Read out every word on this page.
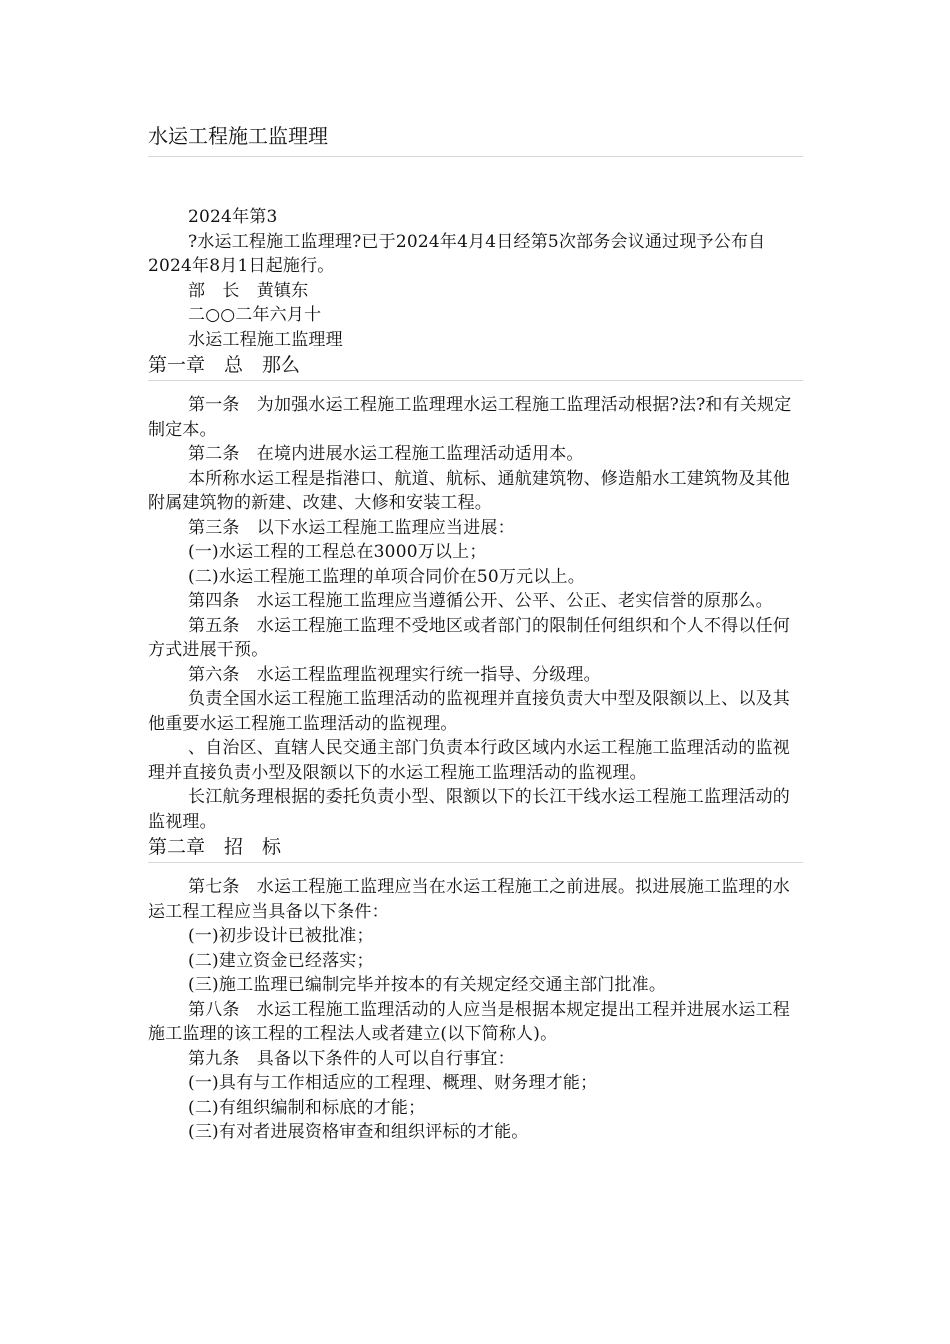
水运工程施工监理理

2024年第3

?水运工程施工监理理?已于2024年4月4日经第5次部务会议通过现予公布自2024年8月1日起施行。

部　长　黄镇东

二○○二年六月十

水运工程施工监理理

第一章　总　那么

第一条　为加强水运工程施工监理理水运工程施工监理活动根据?法?和有关规定制定本。

第二条　在境内进展水运工程施工监理活动适用本。

本所称水运工程是指港口、航道、航标、通航建筑物、修造船水工建筑物及其他附属建筑物的新建、改建、大修和安装工程。

第三条　以下水运工程施工监理应当进展：

(一)水运工程的工程总在3000万以上；

(二)水运工程施工监理的单项合同价在50万元以上。

第四条　水运工程施工监理应当遵循公开、公平、公正、老实信誉的原那么。

第五条　水运工程施工监理不受地区或者部门的限制任何组织和个人不得以任何方式进展干预。

第六条　水运工程监理监视理实行统一指导、分级理。

负责全国水运工程施工监理活动的监视理并直接负责大中型及限额以上、以及其他重要水运工程施工监理活动的监视理。

、自治区、直辖人民交通主部门负责本行政区域内水运工程施工监理活动的监视理并直接负责小型及限额以下的水运工程施工监理活动的监视理。

长江航务理根据的委托负责小型、限额以下的长江干线水运工程施工监理活动的监视理。

第二章　招　标

第七条　水运工程施工监理应当在水运工程施工之前进展。拟进展施工监理的水运工程工程应当具备以下条件：

(一)初步设计已被批准；

(二)建立资金已经落实；

(三)施工监理已编制完毕并按本的有关规定经交通主部门批准。

第八条　水运工程施工监理活动的人应当是根据本规定提出工程并进展水运工程施工监理的该工程的工程法人或者建立(以下简称人)。

第九条　具备以下条件的人可以自行事宜：

(一)具有与工作相适应的工程理、概理、财务理才能；

(二)有组织编制和标底的才能；

(三)有对者进展资格审查和组织评标的才能。
